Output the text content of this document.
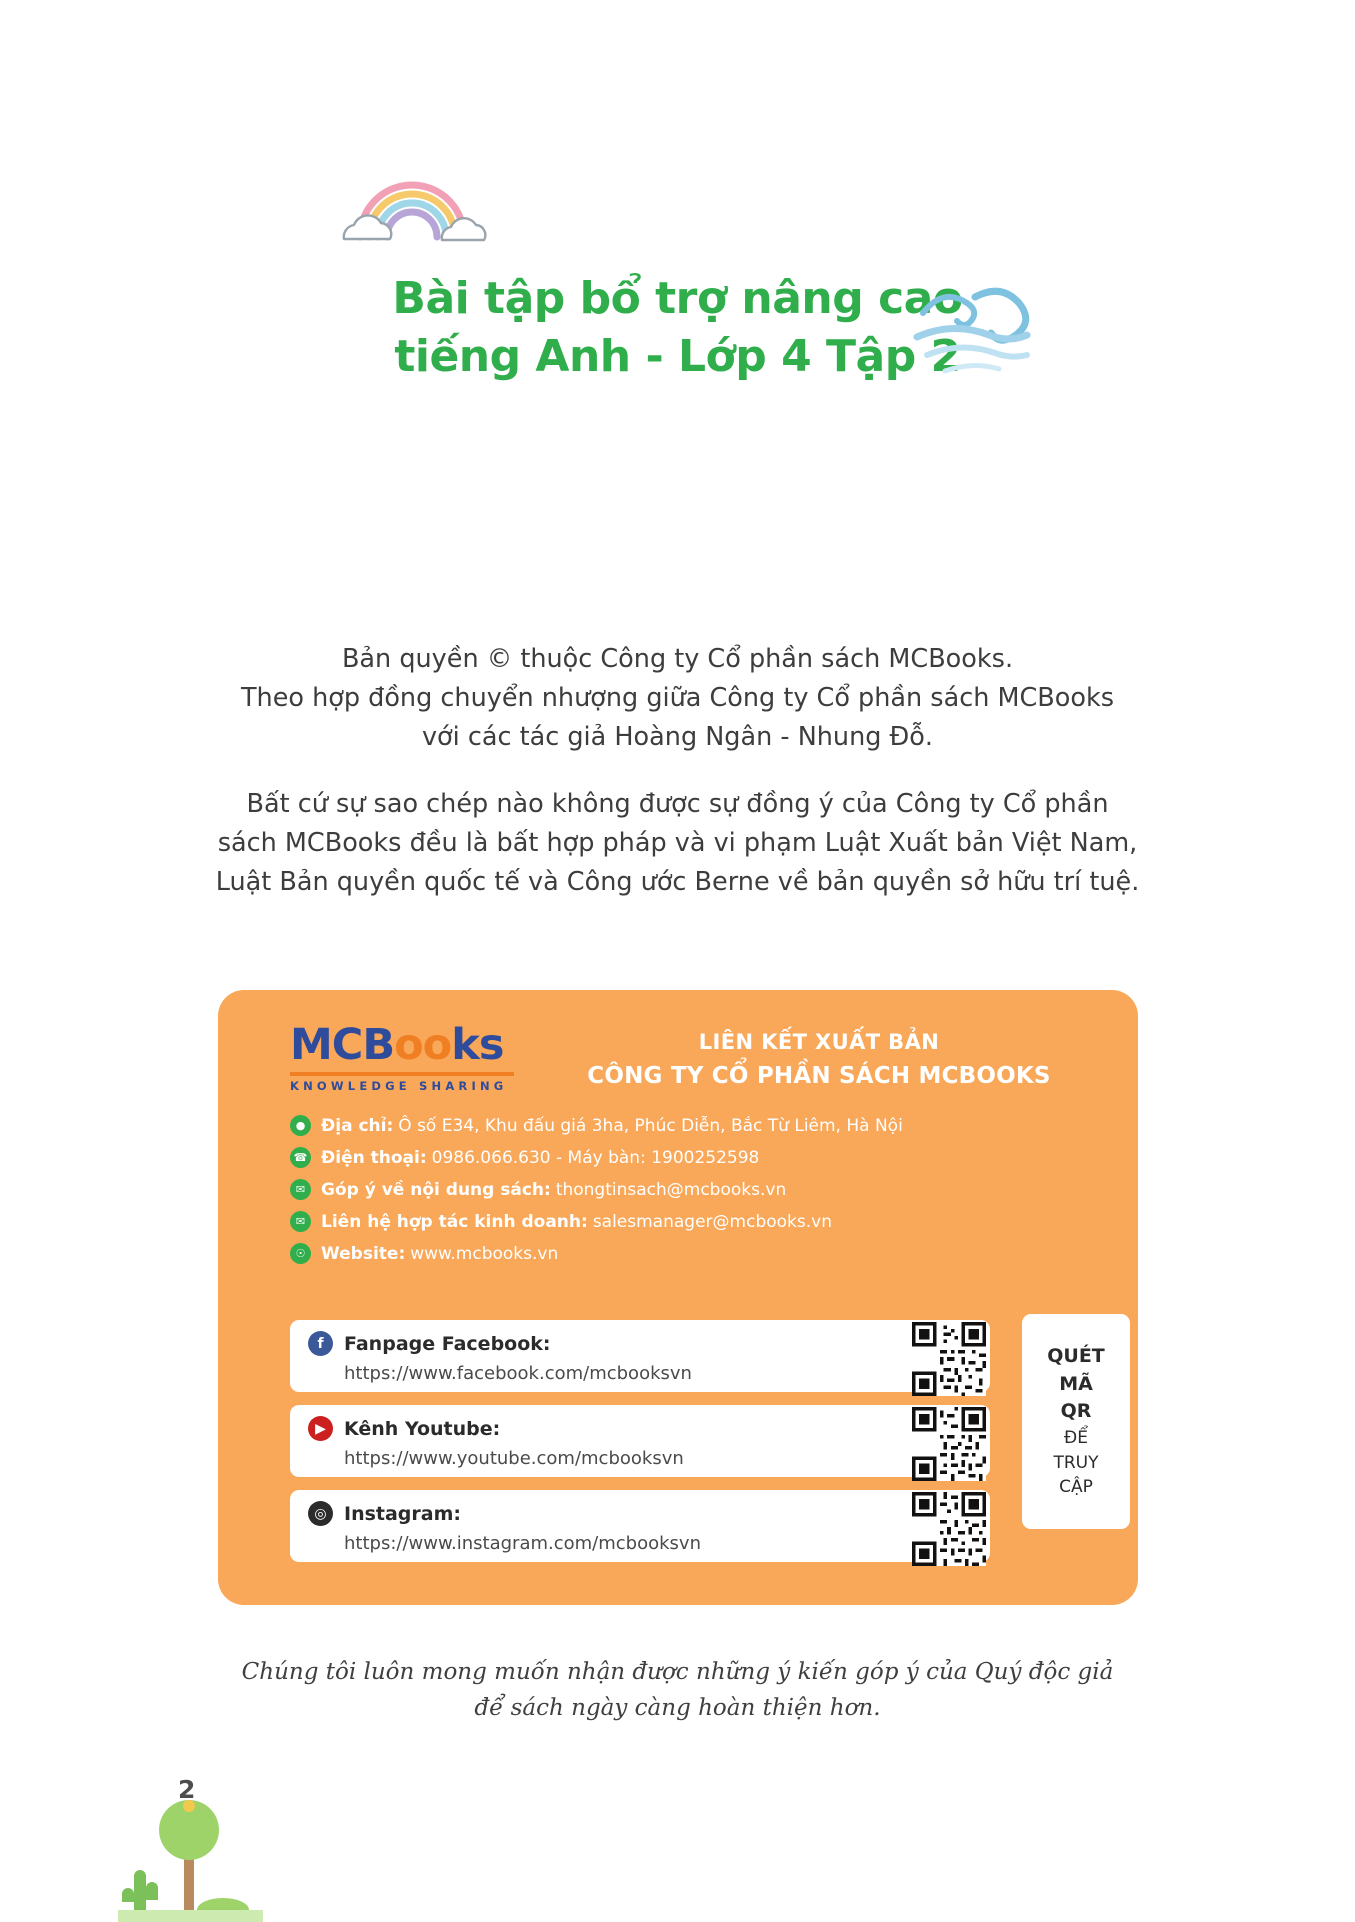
Bài tập bổ trợ nâng cao
tiếng Anh - Lớp 4 Tập 2

Bản quyền © thuộc Công ty Cổ phần sách MCBooks.

Theo hợp đồng chuyển nhượng giữa Công ty Cổ phần sách MCBooks

với các tác giả Hoàng Ngân - Nhung Đỗ.

Bất cứ sự sao chép nào không được sự đồng ý của Công ty Cổ phần

sách MCBooks đều là bất hợp pháp và vi phạm Luật Xuất bản Việt Nam,

Luật Bản quyền quốc tế và Công ước Berne về bản quyền sở hữu trí tuệ.

MCBooks
KNOWLEDGE SHARING
LIÊN KẾT XUẤT BẢN
CÔNG TY CỔ PHẦN SÁCH MCBOOKS
● Địa chỉ: Ô số E34, Khu đấu giá 3ha, Phúc Diễn, Bắc Từ Liêm, Hà Nội
☎ Điện thoại: 0986.066.630 - Máy bàn: 1900252598
✉ Góp ý về nội dung sách: thongtinsach@mcbooks.vn
✉ Liên hệ hợp tác kinh doanh: salesmanager@mcbooks.vn
☉ Website: www.mcbooks.vn
f	Fanpage Facebook:
https://www.facebook.com/mcbooksvn
▶ Kênh Youtube:
https://www.youtube.com/mcbooksvn
◎ Instagram:
https://www.instagram.com/mcbooksvn
QUÉT
MÃ
QR
ĐỂ
TRUY
CẬP
Chúng tôi luôn mong muốn nhận được những ý kiến góp ý của Quý độc giả
để sách ngày càng hoàn thiện hơn.
2
